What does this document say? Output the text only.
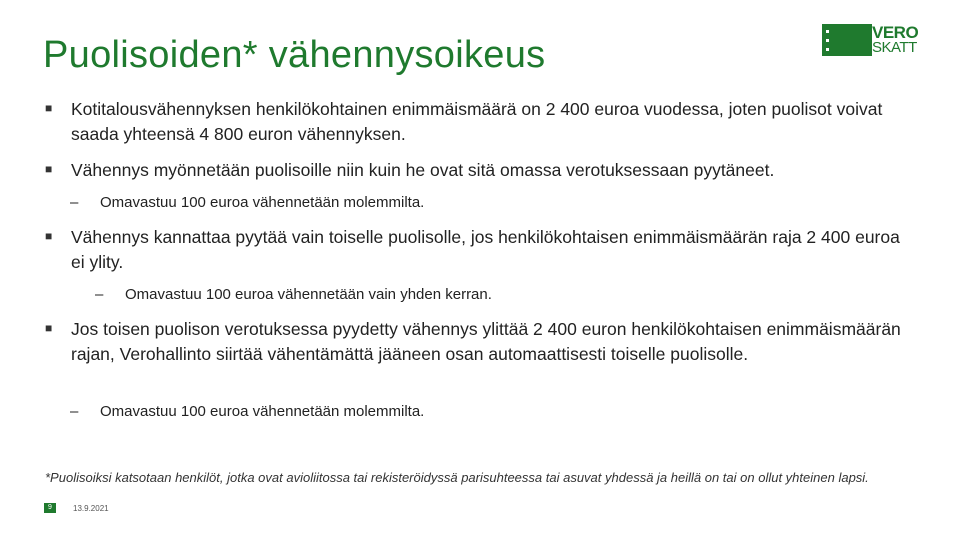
Puolisoiden* vähennysoikeus
VERO
SKATT
■	Kotitalousvähennyksen henkilökohtainen enimmäismäärä on 2 400 euroa vuodessa, joten puolisot voivat saada yhteensä 4 800 euron vähennyksen.
■	Vähennys myönnetään puolisoille niin kuin he ovat sitä omassa verotuksessaan pyytäneet.
–	Omavastuu 100 euroa vähennetään molemmilta.
■	Vähennys kannattaa pyytää vain toiselle puolisolle, jos henkilökohtaisen enimmäismäärän raja 2 400 euroa ei ylity.
–	Omavastuu 100 euroa vähennetään vain yhden kerran.
■	Jos toisen puolison verotuksessa pyydetty vähennys ylittää 2 400 euron henkilökohtaisen enimmäismäärän rajan, Verohallinto siirtää vähentämättä jääneen osan automaattisesti toiselle puolisolle.
–	Omavastuu 100 euroa vähennetään molemmilta.
*Puolisoiksi katsotaan henkilöt, jotka ovat avioliitossa tai rekisteröidyssä parisuhteessa tai asuvat yhdessä ja heillä on tai on ollut yhteinen lapsi.
9	13.9.2021
